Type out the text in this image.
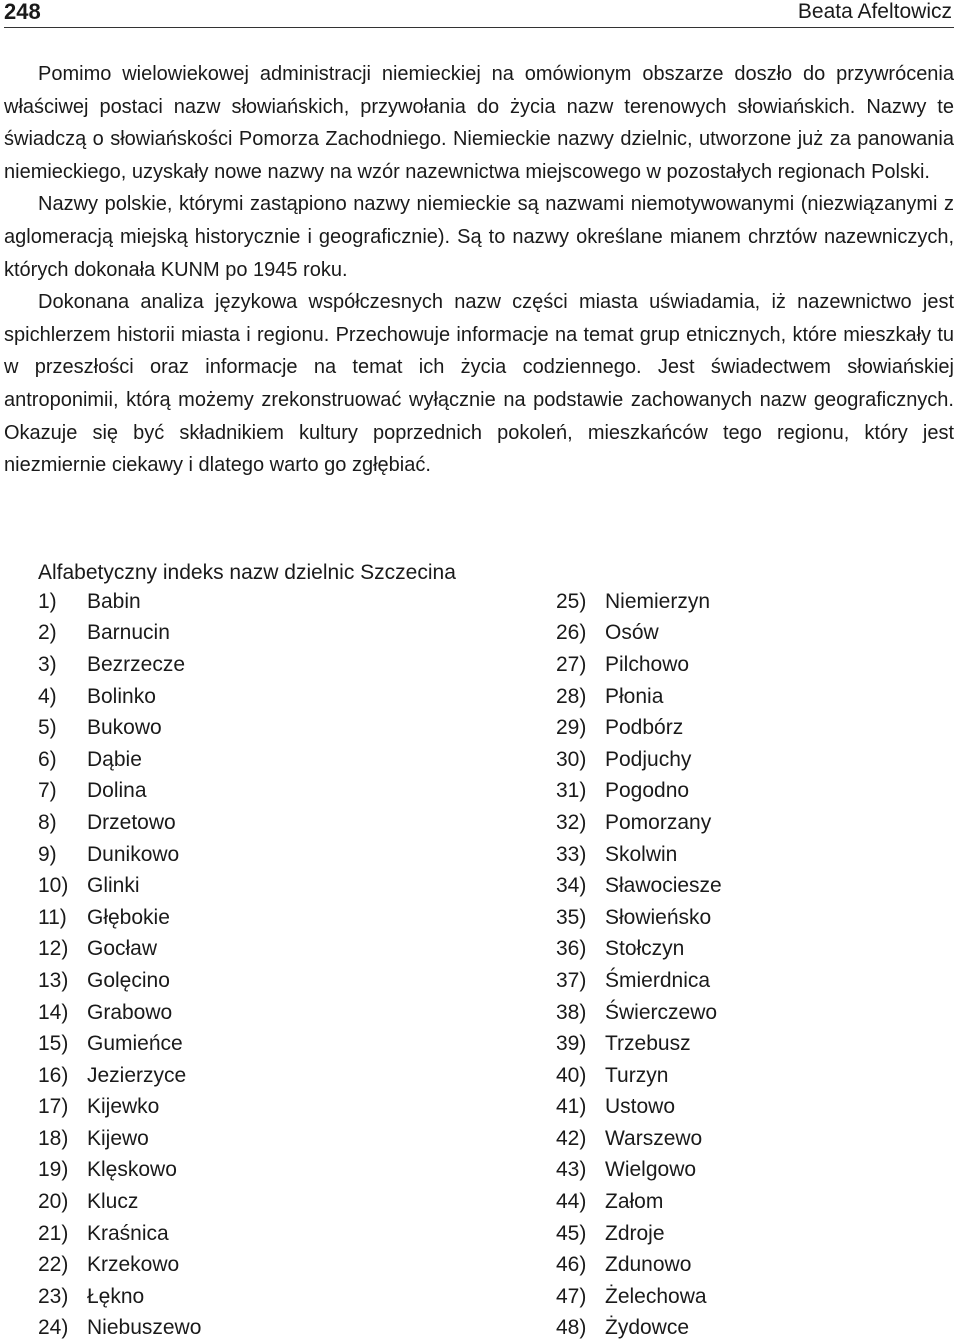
248	Beata Afeltowicz

Pomimo wielowiekowej administracji niemieckiej na omówionym obszarze doszło do przywrócenia właściwej postaci nazw słowiańskich, przywołania do życia nazw terenowych słowiańskich. Nazwy te świadczą o słowiańskości Pomorza Zachodniego. Niemieckie nazwy dzielnic, utworzone już za panowania niemieckiego, uzyskały nowe nazwy na wzór nazewnictwa miejscowego w pozostałych regionach Polski.

Nazwy polskie, którymi zastąpiono nazwy niemieckie są nazwami niemotywowanymi (niezwiązanymi z aglomeracją miejską historycznie i geograficznie). Są to nazwy określane mianem chrztów nazewniczych, których dokonała KUNM po 1945 roku.

Dokonana analiza językowa współczesnych nazw części miasta uświadamia, iż nazewnictwo jest spichlerzem historii miasta i regionu. Przechowuje informacje na temat grup etnicznych, które mieszkały tu w przeszłości oraz informacje na temat ich życia codziennego. Jest świadectwem słowiańskiej antroponimii, którą możemy zrekonstruować wyłącznie na podstawie zachowanych nazw geograficznych. Okazuje się być składnikiem kultury poprzednich pokoleń, mieszkańców tego regionu, który jest niezmiernie ciekawy i dlatego warto go zgłębiać.

Alfabetyczny indeks nazw dzielnic Szczecina
1)	Babin
2)	Barnucin
3)	Bezrzecze
4)	Bolinko
5)	Bukowo
6)	Dąbie
7)	Dolina
8)	Drzetowo
9)	Dunikowo
10) Glinki
11) Głębokie
12) Gocław
13) Golęcino
14) Grabowo
15) Gumieńce
16) Jezierzyce
17) Kijewko
18) Kijewo
19) Klęskowo
20) Klucz
21) Kraśnica
22) Krzekowo
23) Łękno
24) Niebuszewo
25) Niemierzyn
26) Osów
27) Pilchowo
28) Płonia
29) Podbórz
30) Podjuchy
31) Pogodno
32) Pomorzany
33) Skolwin
34) Sławociesze
35) Słowieńsko
36) Stołczyn
37) Śmierdnica
38) Świerczewo
39) Trzebusz
40) Turzyn
41) Ustowo
42) Warszewo
43) Wielgowo
44) Załom
45) Zdroje
46) Zdunowo
47) Żelechowa
48) Żydowce
